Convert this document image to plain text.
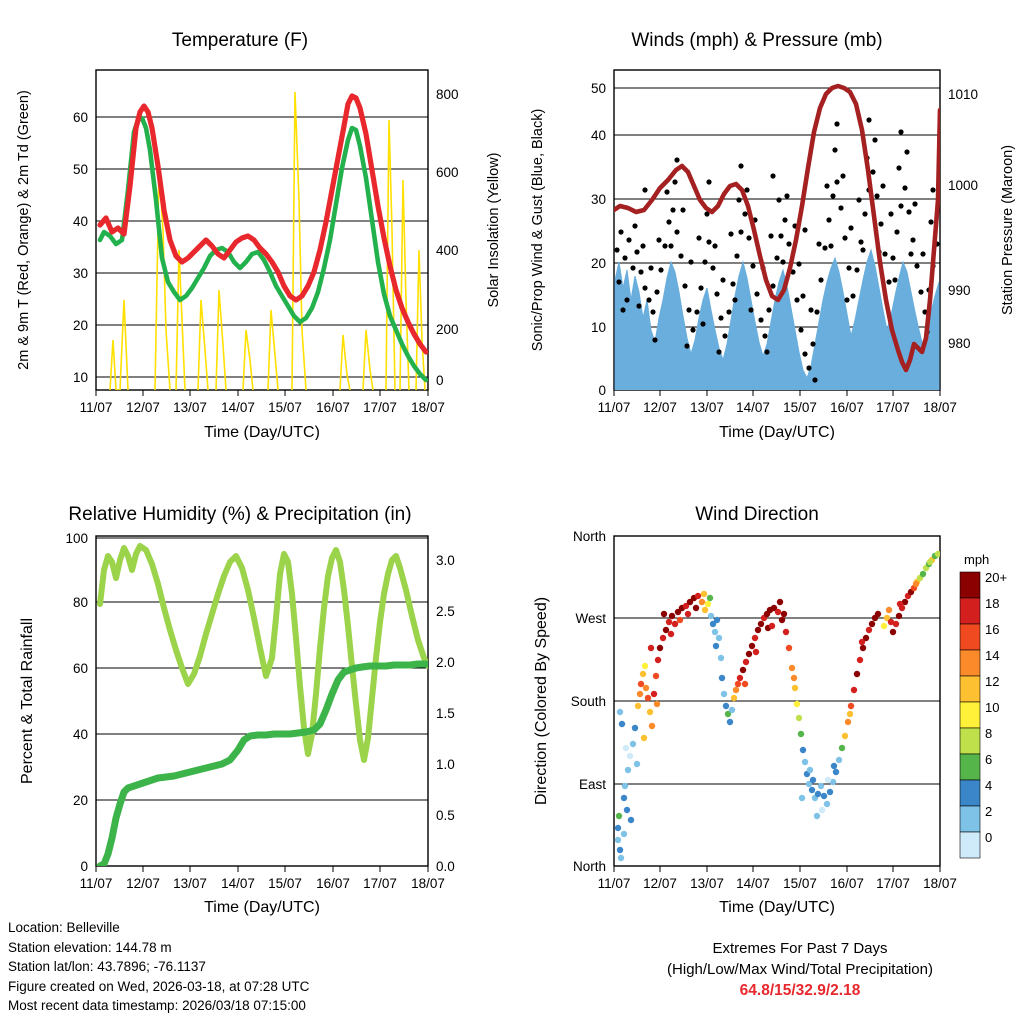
Temperature (F)
10
20
30
40
50
60
0
200
400
600
800
11/07 12/07 13/07 14/07 15/07 16/07 17/07 18/07
Time (Day/UTC)
2m & 9m T (Red, Orange) & 2m Td (Green)	Solar Insolation (Yellow)
Winds (mph) & Pressure (mb)
0
10
20
30
40
50
980
990
1000
1010
11/07 12/07 13/07 14/07 15/07 16/07 17/07 18/07
Time (Day/UTC)
Sonic/Prop Wind & Gust (Blue, Black)	Station Pressure (Maroon)
Relative Humidity (%) & Precipitation (in)
0
20
40
60
80
100
0.0
0.5
1.0
1.5
2.0
2.5
3.0
11/07 12/07 13/07 14/07 15/07 16/07 17/07 18/07
Time (Day/UTC)
Percent & Total Rainfall
Wind Direction
North
West
South
East
North
11/07 12/07 13/07 14/07 15/07 16/07 17/07 18/07
Time (Day/UTC)
Direction (Colored By Speed)
mph
20+
18
16
14
12
10
8
6
4
2
0
Location: Belleville
Station elevation: 144.78 m
Station lat/lon: 43.7896; -76.1137
Figure created on Wed, 2026-03-18, at 07:28 UTC
Most recent data timestamp: 2026/03/18 07:15:00
Extremes For Past 7 Days
(High/Low/Max Wind/Total Precipitation)
64.8/15/32.9/2.18
